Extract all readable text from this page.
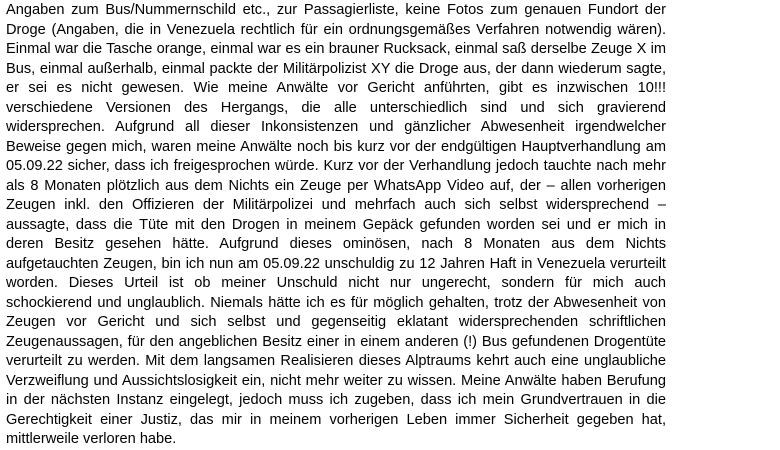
Angaben zum Bus/Nummernschild etc., zur Passagierliste, keine Fotos zum genauen Fundort der Droge (Angaben, die in Venezuela rechtlich für ein ordnungsgemäßes Verfahren notwendig wären). Einmal war die Tasche orange, einmal war es ein brauner Rucksack, einmal saß derselbe Zeuge X im Bus, einmal außerhalb, einmal packte der Militärpolizist XY die Droge aus, der dann wiederum sagte, er sei es nicht gewesen. Wie meine Anwälte vor Gericht anführten, gibt es inzwischen 10!!! verschiedene Versionen des Hergangs, die alle unterschiedlich sind und sich gravierend widersprechen. Aufgrund all dieser Inkonsistenzen und gänzlicher Abwesenheit irgendwelcher Beweise gegen mich, waren meine Anwälte noch bis kurz vor der endgültigen Hauptverhandlung am 05.09.22 sicher, dass ich freigesprochen würde. Kurz vor der Verhandlung jedoch tauchte nach mehr als 8 Monaten plötzlich aus dem Nichts ein Zeuge per WhatsApp Video auf, der – allen vorherigen Zeugen inkl. den Offizieren der Militärpolizei und mehrfach auch sich selbst widersprechend – aussagte, dass die Tüte mit den Drogen in meinem Gepäck gefunden worden sei und er mich in deren Besitz gesehen hätte. Aufgrund dieses ominösen, nach 8 Monaten aus dem Nichts aufgetauchten Zeugen, bin ich nun am 05.09.22 unschuldig zu 12 Jahren Haft in Venezuela verurteilt worden. Dieses Urteil ist ob meiner Unschuld nicht nur ungerecht, sondern für mich auch schockierend und unglaublich. Niemals hätte ich es für möglich gehalten, trotz der Abwesenheit von Zeugen vor Gericht und sich selbst und gegenseitig eklatant widersprechenden schriftlichen Zeugenaussagen, für den angeblichen Besitz einer in einem anderen (!) Bus gefundenen Drogentüte verurteilt zu werden. Mit dem langsamen Realisieren dieses Alptraums kehrt auch eine unglaubliche Verzweiflung und Aussichtslosigkeit ein, nicht mehr weiter zu wissen. Meine Anwälte haben Berufung in der nächsten Instanz eingelegt, jedoch muss ich zugeben, dass ich mein Grundvertrauen in die Gerechtigkeit einer Justiz, das mir in meinem vorherigen Leben immer Sicherheit gegeben hat, mittlerweile verloren habe.
